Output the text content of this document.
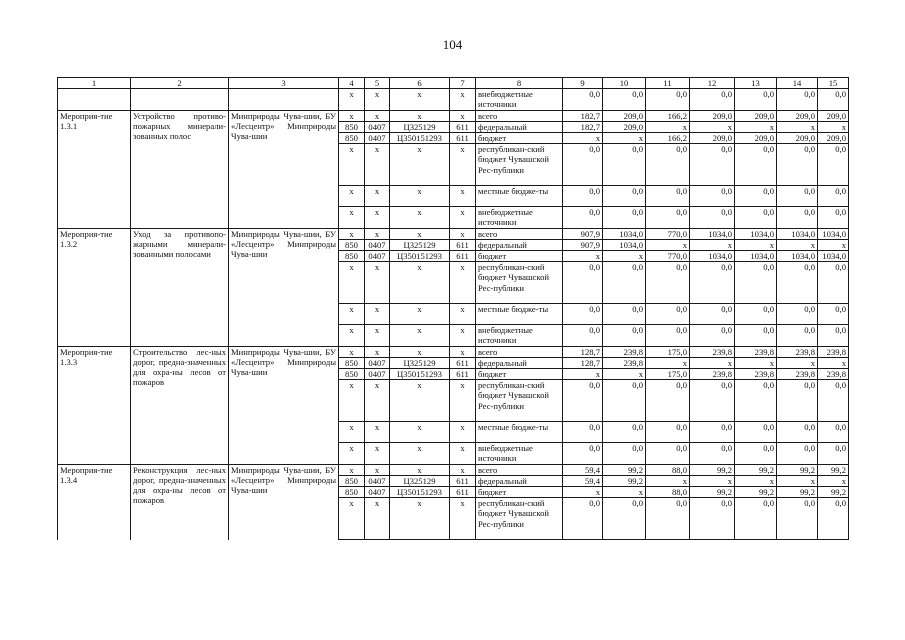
104
1	2	3	4	5	6	7	8	9	10	11	12	13	14	15
			x	x	x	x	внебюджетные источники	0,0	0,0	0,0	0,0	0,0	0,0	0,0
Мероприя-тие 1.3.1	Устройство противо-пожарных минерали-зованных полос	Минприроды Чува-шии, БУ «Лесцентр» Минприроды Чува-шии	x	x	x	x	всего	182,7	209,0	166,2	209,0	209,0	209,0	209,0
			850	0407	Ц325129	611	федеральный	182,7	209,0	x	x	x	x	x
			850	0407	Ц350151293	611	бюджет	x	x	166,2	209,0	209,0	209,0	209,0
			x	x	x	x	республикан-ский бюджет Чувашской Рес-публики	0,0	0,0	0,0	0,0	0,0	0,0	0,0
			x	x	x	x	местные бюдже-ты	0,0	0,0	0,0	0,0	0,0	0,0	0,0
			x	x	x	x	внебюджетные источники	0,0	0,0	0,0	0,0	0,0	0,0	0,0
Мероприя-тие 1.3.2	Уход за противопо-жарными минерали-зованными полосами	Минприроды Чува-шии, БУ «Лесцентр» Минприроды Чува-шии	x	x	x	x	всего	907,9	1034,0	770,0	1034,0	1034,0	1034,0	1034,0
			850	0407	Ц325129	611	федеральный	907,9	1034,0	x	x	x	x	x
			850	0407	Ц350151293	611	бюджет	x	x	770,0	1034,0	1034,0	1034,0	1034,0
			x	x	x	x	республикан-ский бюджет Чувашской Рес-публики	0,0	0,0	0,0	0,0	0,0	0,0	0,0
			x	x	x	x	местные бюдже-ты	0,0	0,0	0,0	0,0	0,0	0,0	0,0
			x	x	x	x	внебюджетные источники	0,0	0,0	0,0	0,0	0,0	0,0	0,0
Мероприя-тие 1.3.3	Строительство лес-ных дорог, предна-значенных для охра-ны лесов от пожаров	Минприроды Чува-шии, БУ «Лесцентр» Минприроды Чува-шии	x	x	x	x	всего	128,7	239,8	175,0	239,8	239,8	239,8	239,8
			850	0407	Ц325129	611	федеральный	128,7	239,8	x	x	x	x	x
			850	0407	Ц350151293	611	бюджет	x	x	175,0	239,8	239,8	239,8	239,8
			x	x	x	x	республикан-ский бюджет Чувашской Рес-публики	0,0	0,0	0,0	0,0	0,0	0,0	0,0
			x	x	x	x	местные бюдже-ты	0,0	0,0	0,0	0,0	0,0	0,0	0,0
			x	x	x	x	внебюджетные источники	0,0	0,0	0,0	0,0	0,0	0,0	0,0
Мероприя-тие 1.3.4	Реконструкция лес-ных дорог, предна-значенных для охра-ны лесов от пожаров	Минприроды Чува-шии, БУ «Лесцентр» Минприроды Чува-шии	x	x	x	x	всего	59,4	99,2	88,0	99,2	99,2	99,2	99,2
			850	0407	Ц325129	611	федеральный	59,4	99,2	x	x	x	x	x
			850	0407	Ц350151293	611	бюджет	x	x	88,0	99,2	99,2	99,2	99,2
			x	x	x	x	республикан-ский бюджет Чувашской Рес-публики	0,0	0,0	0,0	0,0	0,0	0,0	0,0
